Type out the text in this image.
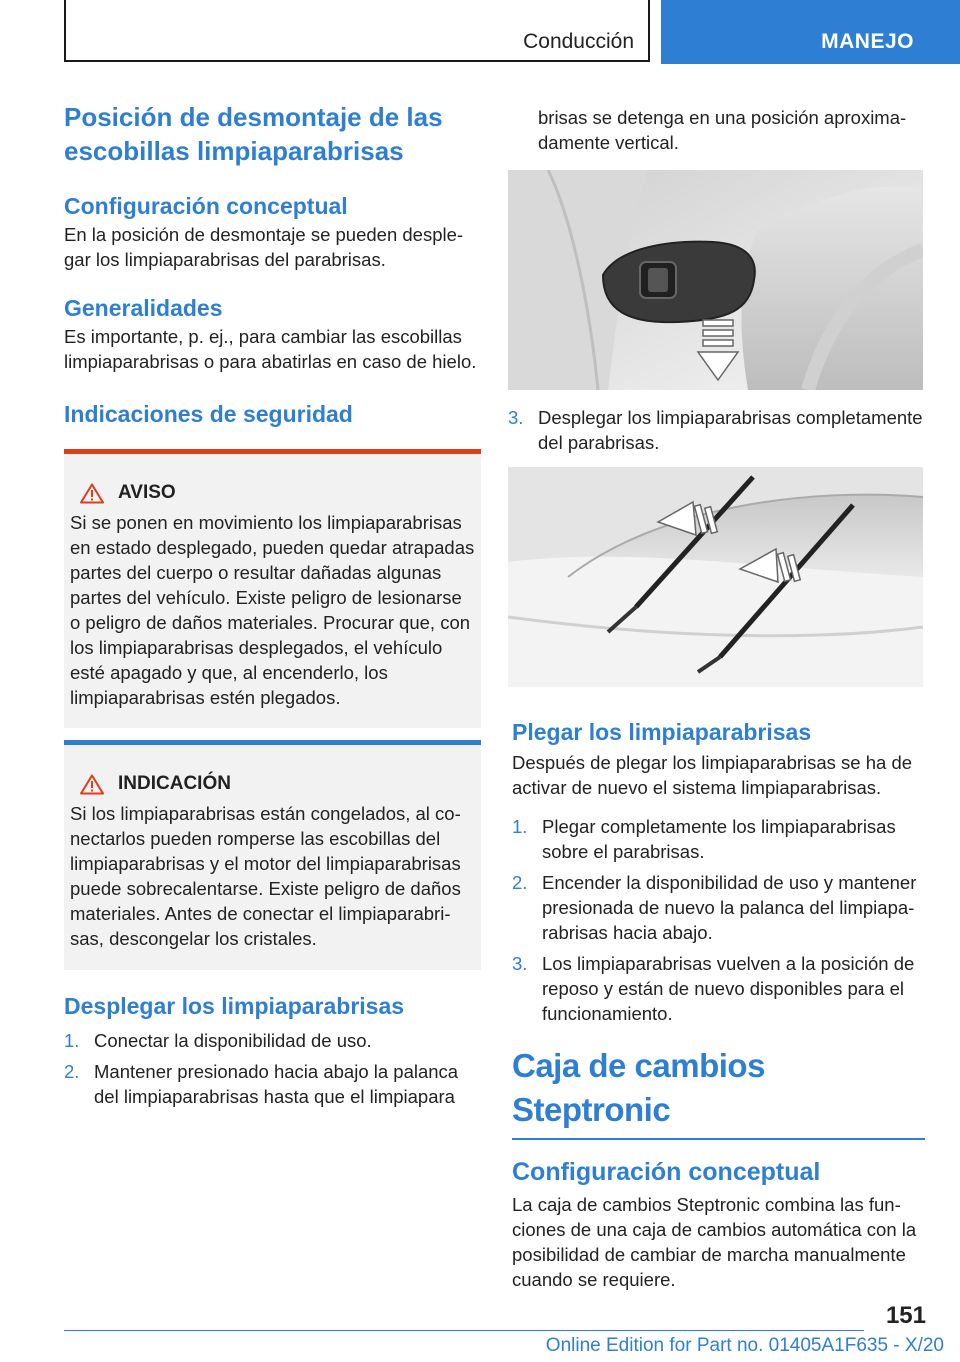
Conducción	MANEJO
Posición de desmontaje de las escobillas limpiaparabrisas
Configuración conceptual

En la posición de desmontaje se pueden desplegar los limpiaparabrisas del parabrisas.

Generalidades

Es importante, p. ej., para cambiar las escobillas limpiaparabrisas o para abatirlas en caso de hielo.

Indicaciones de seguridad
AVISO

Si se ponen en movimiento los limpiaparabrisas en estado desplegado, pueden quedar atrapadas partes del cuerpo o resultar dañadas algunas partes del vehículo. Existe peligro de lesionarse o peligro de daños materiales. Procurar que, con los limpiaparabrisas desplegados, el vehículo esté apagado y que, al encenderlo, los limpiaparabrisas estén plegados.

INDICACIÓN

Si los limpiaparabrisas están congelados, al conectarlos pueden romperse las escobillas del limpiaparabrisas y el motor del limpiaparabrisas puede sobrecalentarse. Existe peligro de daños materiales. Antes de conectar el limpiaparabrisas, descongelar los cristales.

Desplegar los limpiaparabrisas
1. Conectar la disponibilidad de uso.
2. Mantener presionado hacia abajo la palanca del limpiaparabrisas hasta que el limpiapara

brisas se detenga en una posición aproximadamente vertical.

3. Desplegar los limpiaparabrisas completamente del parabrisas.
Plegar los limpiaparabrisas

Después de plegar los limpiaparabrisas se ha de activar de nuevo el sistema limpiaparabrisas.

1. Plegar completamente los limpiaparabrisas sobre el parabrisas.
2. Encender la disponibilidad de uso y mantener presionada de nuevo la palanca del limpiaparabrisas hacia abajo.
3. Los limpiaparabrisas vuelven a la posición de reposo y están de nuevo disponibles para el funcionamiento.
Caja de cambios Steptronic
Configuración conceptual

La caja de cambios Steptronic combina las funciones de una caja de cambios automática con la posibilidad de cambiar de marcha manualmente cuando se requiere.

151
Online Edition for Part no. 01405A1F635 - X/20
